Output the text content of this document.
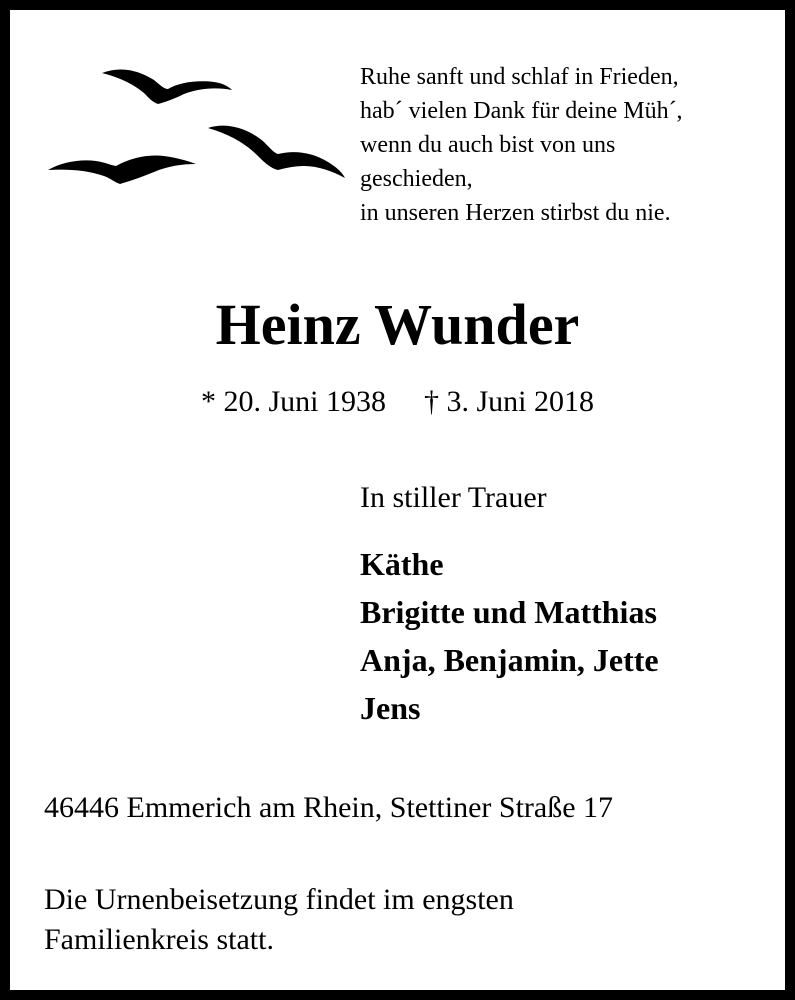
Ruhe sanft und schlaf in Frieden,
hab´ vielen Dank für deine Müh´,
wenn du auch bist von uns
geschieden,
in unseren Herzen stirbst du nie.
Heinz Wunder
* 20. Juni 1938 † 3. Juni 2018
In stiller Trauer
Käthe
Brigitte und Matthias
Anja, Benjamin, Jette
Jens
46446 Emmerich am Rhein, Stettiner Straße 17
Die Urnenbeisetzung findet im engsten
Familienkreis statt.
